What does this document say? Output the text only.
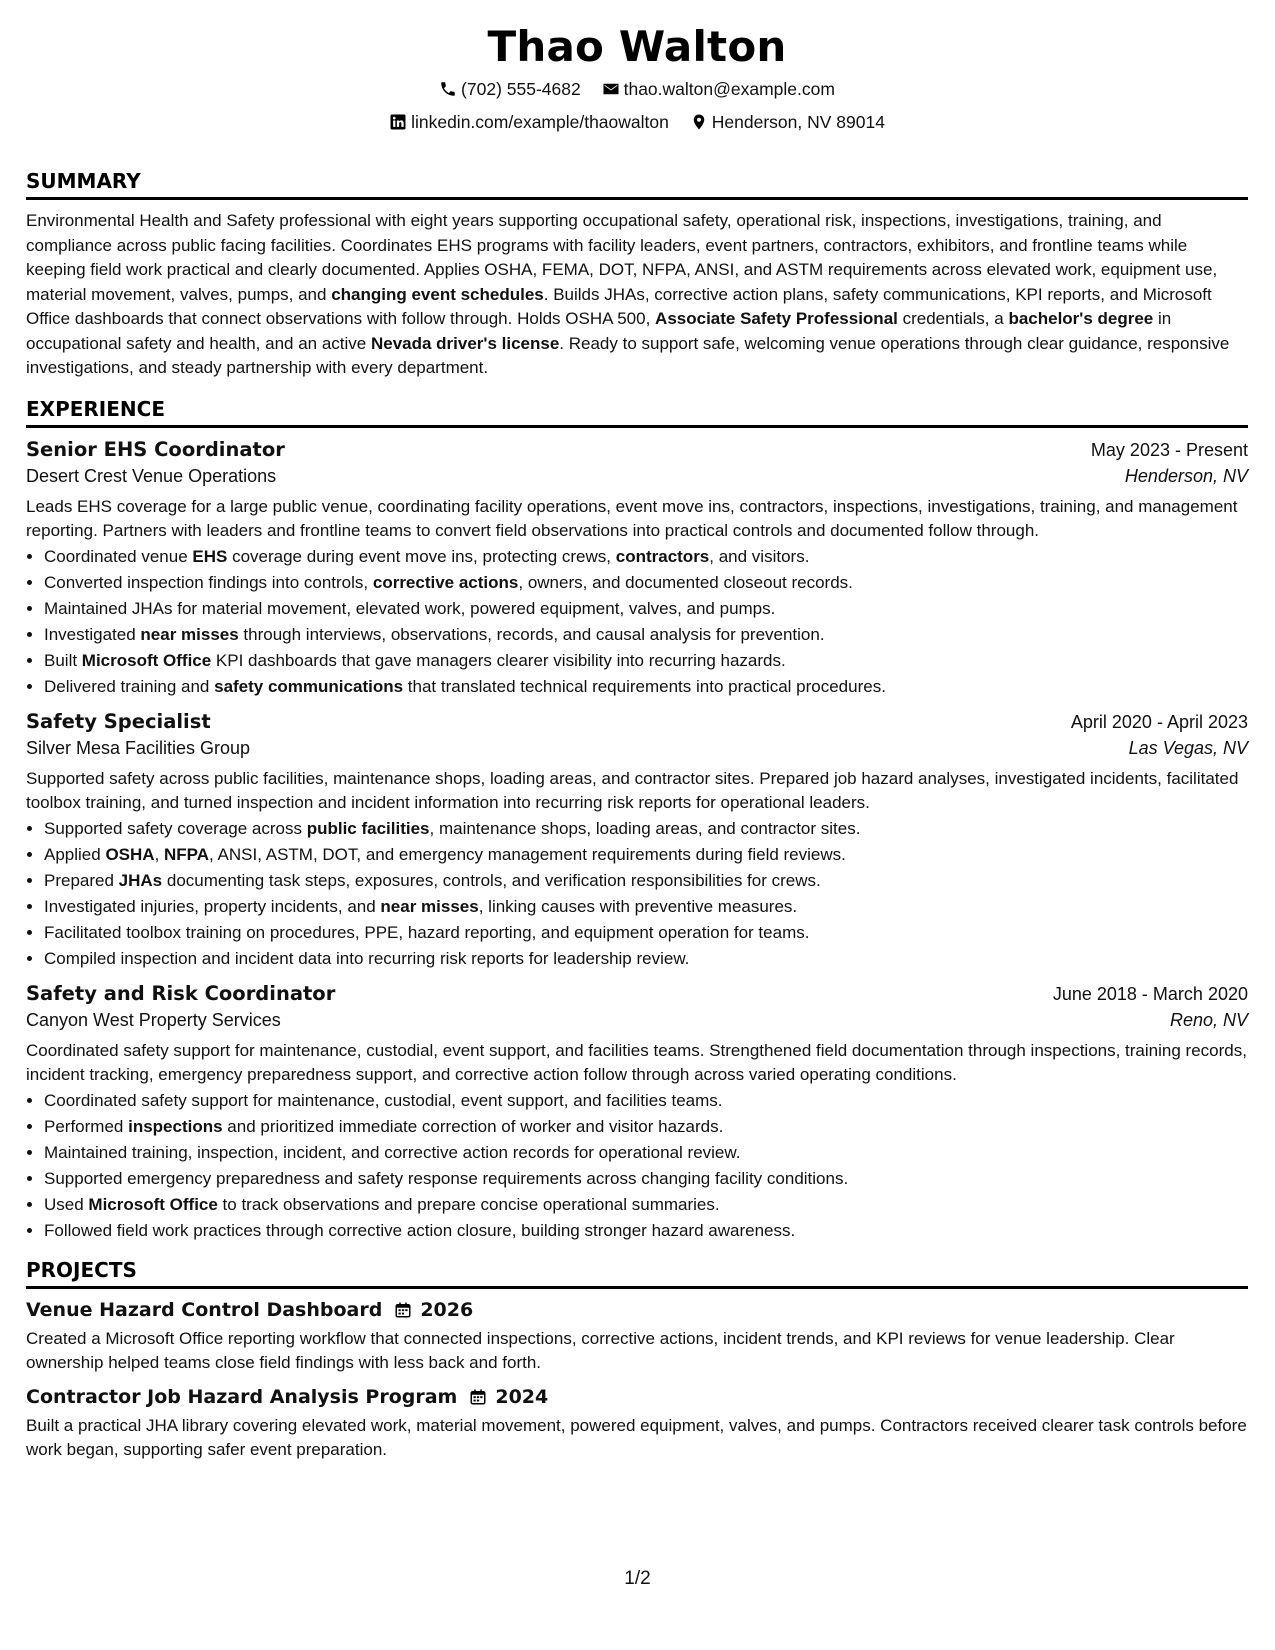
Thao Walton
(702) 555-4682
thao.walton@example.com
linkedin.com/example/thaowalton
Henderson, NV 89014
SUMMARY
Environmental Health and Safety professional with eight years supporting occupational safety, operational risk, inspections, investigations, training, and compliance across public facing facilities. Coordinates EHS programs with facility leaders, event partners, contractors, exhibitors, and frontline teams while keeping field work practical and clearly documented. Applies OSHA, FEMA, DOT, NFPA, ANSI, and ASTM requirements across elevated work, equipment use, material movement, valves, pumps, and changing event schedules. Builds JHAs, corrective action plans, safety communications, KPI reports, and Microsoft Office dashboards that connect observations with follow through. Holds OSHA 500, Associate Safety Professional credentials, a bachelor's degree in occupational safety and health, and an active Nevada driver's license. Ready to support safe, welcoming venue operations through clear guidance, responsive investigations, and steady partnership with every department.
EXPERIENCE
Senior EHS Coordinator	May 2023 - Present
Desert Crest Venue Operations	Henderson, NV
Leads EHS coverage for a large public venue, coordinating facility operations, event move ins, contractors, inspections, investigations, training, and management reporting. Partners with leaders and frontline teams to convert field observations into practical controls and documented follow through.
• Coordinated venue EHS coverage during event move ins, protecting crews, contractors, and visitors.
• Converted inspection findings into controls, corrective actions, owners, and documented closeout records.
• Maintained JHAs for material movement, elevated work, powered equipment, valves, and pumps.
• Investigated near misses through interviews, observations, records, and causal analysis for prevention.
• Built Microsoft Office KPI dashboards that gave managers clearer visibility into recurring hazards.
• Delivered training and safety communications that translated technical requirements into practical procedures.
Safety Specialist	April 2020 - April 2023
Silver Mesa Facilities Group	Las Vegas, NV
Supported safety across public facilities, maintenance shops, loading areas, and contractor sites. Prepared job hazard analyses, investigated incidents, facilitated toolbox training, and turned inspection and incident information into recurring risk reports for operational leaders.
• Supported safety coverage across public facilities, maintenance shops, loading areas, and contractor sites.
• Applied OSHA, NFPA, ANSI, ASTM, DOT, and emergency management requirements during field reviews.
• Prepared JHAs documenting task steps, exposures, controls, and verification responsibilities for crews.
• Investigated injuries, property incidents, and near misses, linking causes with preventive measures.
• Facilitated toolbox training on procedures, PPE, hazard reporting, and equipment operation for teams.
• Compiled inspection and incident data into recurring risk reports for leadership review.
Safety and Risk Coordinator	June 2018 - March 2020
Canyon West Property Services	Reno, NV
Coordinated safety support for maintenance, custodial, event support, and facilities teams. Strengthened field documentation through inspections, training records, incident tracking, emergency preparedness support, and corrective action follow through across varied operating conditions.
• Coordinated safety support for maintenance, custodial, event support, and facilities teams.
• Performed inspections and prioritized immediate correction of worker and visitor hazards.
• Maintained training, inspection, incident, and corrective action records for operational review.
• Supported emergency preparedness and safety response requirements across changing facility conditions.
• Used Microsoft Office to track observations and prepare concise operational summaries.
• Followed field work practices through corrective action closure, building stronger hazard awareness.
PROJECTS
Venue Hazard Control Dashboard 2026
Created a Microsoft Office reporting workflow that connected inspections, corrective actions, incident trends, and KPI reviews for venue leadership. Clear ownership helped teams close field findings with less back and forth.
Contractor Job Hazard Analysis Program 2024
Built a practical JHA library covering elevated work, material movement, powered equipment, valves, and pumps. Contractors received clearer task controls before work began, supporting safer event preparation.
1/2
